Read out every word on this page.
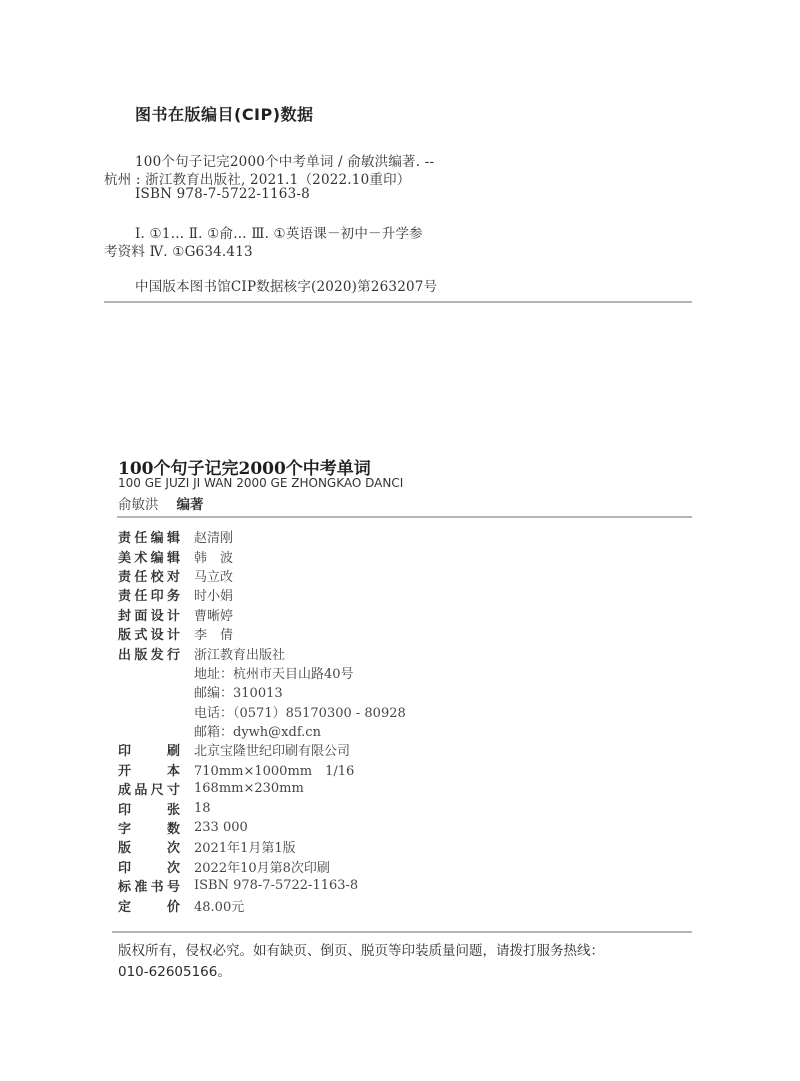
图书在版编目(CIP)数据
100个句子记完2000个中考单词 / 俞敏洪编著. --
杭州 : 浙江教育出版社, 2021.1（2022.10重印）
ISBN 978-7-5722-1163-8
Ⅰ. ①1… Ⅱ. ①俞… Ⅲ. ①英语课－初中－升学参
考资料 Ⅳ. ①G634.413
中国版本图书馆CIP数据核字(2020)第263207号
100个句子记完2000个中考单词
100 GE JUZI JI WAN 2000 GE ZHONGKAO DANCI
俞敏洪 编著
责 任 编 辑 赵清刚
美 术 编 辑 韩　波
责 任 校 对 马立改
责 任 印 务 时小娟
封 面 设 计 曹晰婷
版 式 设 计 李　倩
出 版 发 行 浙江教育出版社
地址：杭州市天目山路40号
邮编：310013
电话：（0571）85170300 - 80928
邮箱：dywh@xdf.cn
印	刷 北京宝隆世纪印刷有限公司
开	本 710mm×1000mm　1/16
成 品 尺 寸 168mm×230mm
印	张 18
字	数 233 000
版	次 2021年1月第1版
印	次 2022年10月第8次印刷
标 准 书 号 ISBN 978-7-5722-1163-8
定	价 48.00元
版权所有，侵权必究。如有缺页、倒页、脱页等印装质量问题，请拨打服务热线：
010-62605166。
